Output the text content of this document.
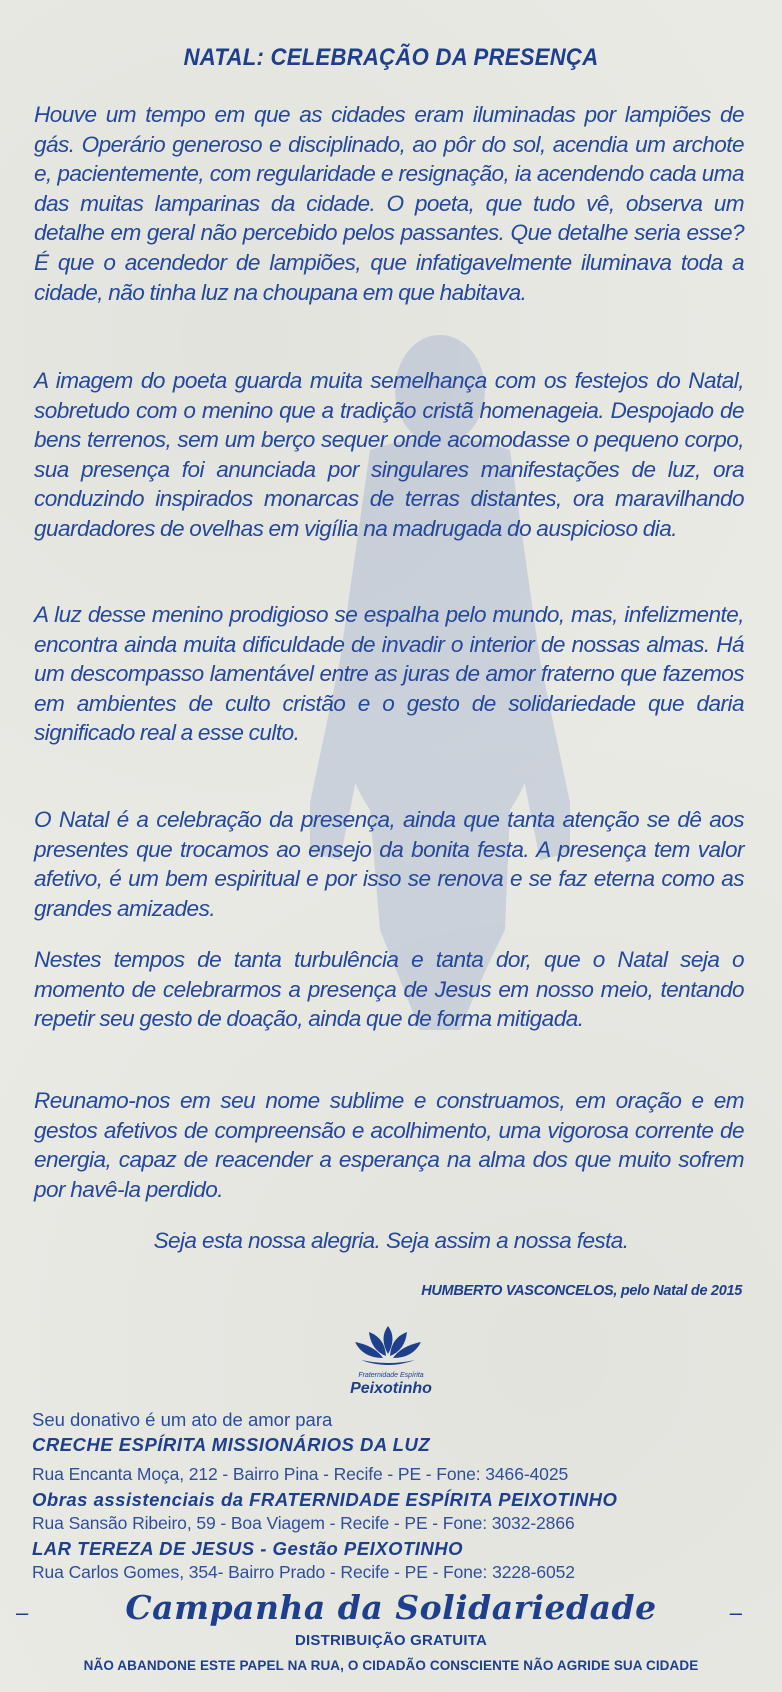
NATAL: CELEBRAÇÃO DA PRESENÇA
Houve um tempo em que as cidades eram iluminadas por lampiões de gás. Operário generoso e disciplinado, ao pôr do sol, acendia um archote e, pacientemente, com regularidade e resignação, ia acendendo cada uma das muitas lamparinas da cidade. O poeta, que tudo vê, observa um detalhe em geral não percebido pelos passantes. Que detalhe seria esse? É que o acendedor de lampiões, que infatigavelmente iluminava toda a cidade, não tinha luz na choupana em que habitava.
A imagem do poeta guarda muita semelhança com os festejos do Natal, sobretudo com o menino que a tradição cristã homenageia. Despojado de bens terrenos, sem um berço sequer onde acomodasse o pequeno corpo, sua presença foi anunciada por singulares manifestações de luz, ora conduzindo inspirados monarcas de terras distantes, ora maravilhando guardadores de ovelhas em vigília na madrugada do auspicioso dia.
A luz desse menino prodigioso se espalha pelo mundo, mas, infelizmente, encontra ainda muita dificuldade de invadir o interior de nossas almas. Há um descompasso lamentável entre as juras de amor fraterno que fazemos em ambientes de culto cristão e o gesto de solidariedade que daria significado real a esse culto.
O Natal é a celebração da presença, ainda que tanta atenção se dê aos presentes que trocamos ao ensejo da bonita festa. A presença tem valor afetivo, é um bem espiritual e por isso se renova e se faz eterna como as grandes amizades.
Nestes tempos de tanta turbulência e tanta dor, que o Natal seja o momento de celebrarmos a presença de Jesus em nosso meio, tentando repetir seu gesto de doação, ainda que de forma mitigada.
Reunamo-nos em seu nome sublime e construamos, em oração e em gestos afetivos de compreensão e acolhimento, uma vigorosa corrente de energia, capaz de reacender a esperança na alma dos que muito sofrem por havê-la perdido.
Seja esta nossa alegria. Seja assim a nossa festa.
HUMBERTO VASCONCELOS, pelo Natal de 2015
Fraternidade Espírita
Peixotinho
Seu donativo é um ato de amor para
CRECHE ESPÍRITA MISSIONÁRIOS DA LUZ
Rua Encanta Moça, 212 - Bairro Pina - Recife - PE - Fone: 3466-4025
Obras assistenciais da FRATERNIDADE ESPÍRITA PEIXOTINHO
Rua Sansão Ribeiro, 59 - Boa Viagem - Recife - PE - Fone: 3032-2866
LAR TEREZA DE JESUS - Gestão PEIXOTINHO
Rua Carlos Gomes, 354- Bairro Prado - Recife - PE - Fone: 3228-6052
–	Campanha da Solidariedade	–
DISTRIBUIÇÃO GRATUITA
NÃO ABANDONE ESTE PAPEL NA RUA, O CIDADÃO CONSCIENTE NÃO AGRIDE SUA CIDADE
